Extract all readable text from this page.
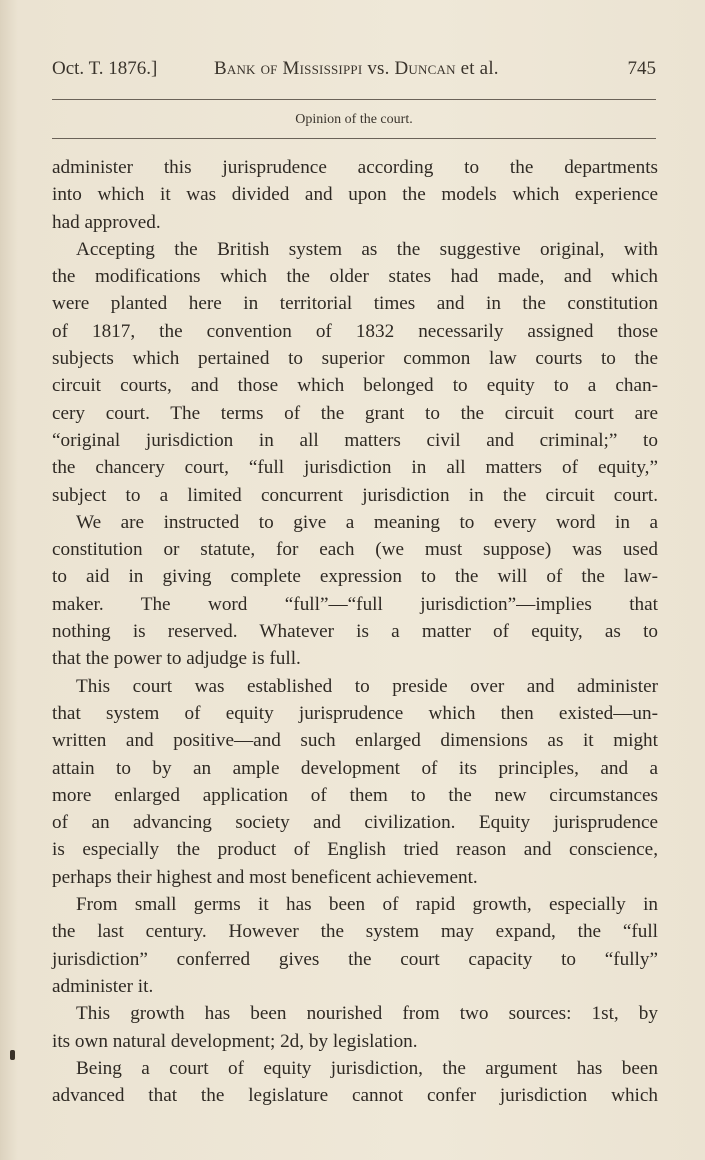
Oct. T. 1876.]	Bank of Mississippi vs. Duncan et al.	745
Opinion of the court.
administer this jurisprudence according to the departments
into which it was divided and upon the models which experience
had approved.
Accepting the British system as the suggestive original, with
the modifications which the older states had made, and which
were planted here in territorial times and in the constitution
of 1817, the convention of 1832 necessarily assigned those
subjects which pertained to superior common law courts to the
circuit courts, and those which belonged to equity to a chan-
cery court. The terms of the grant to the circuit court are
“original jurisdiction in all matters civil and criminal;” to
the chancery court, “full jurisdiction in all matters of equity,”
subject to a limited concurrent jurisdiction in the circuit court.
We are instructed to give a meaning to every word in a
constitution or statute, for each (we must suppose) was used
to aid in giving complete expression to the will of the law-
maker. The word “full”—“full jurisdiction”—implies that
nothing is reserved. Whatever is a matter of equity, as to
that the power to adjudge is full.
This court was established to preside over and administer
that system of equity jurisprudence which then existed—un-
written and positive—and such enlarged dimensions as it might
attain to by an ample development of its principles, and a
more enlarged application of them to the new circumstances
of an advancing society and civilization. Equity jurisprudence
is especially the product of English tried reason and conscience,
perhaps their highest and most beneficent achievement.
From small germs it has been of rapid growth, especially in
the last century. However the system may expand, the “full
jurisdiction” conferred gives the court capacity to “fully”
administer it.
This growth has been nourished from two sources: 1st, by
its own natural development; 2d, by legislation.
Being a court of equity jurisdiction, the argument has been
advanced that the legislature cannot confer jurisdiction which
